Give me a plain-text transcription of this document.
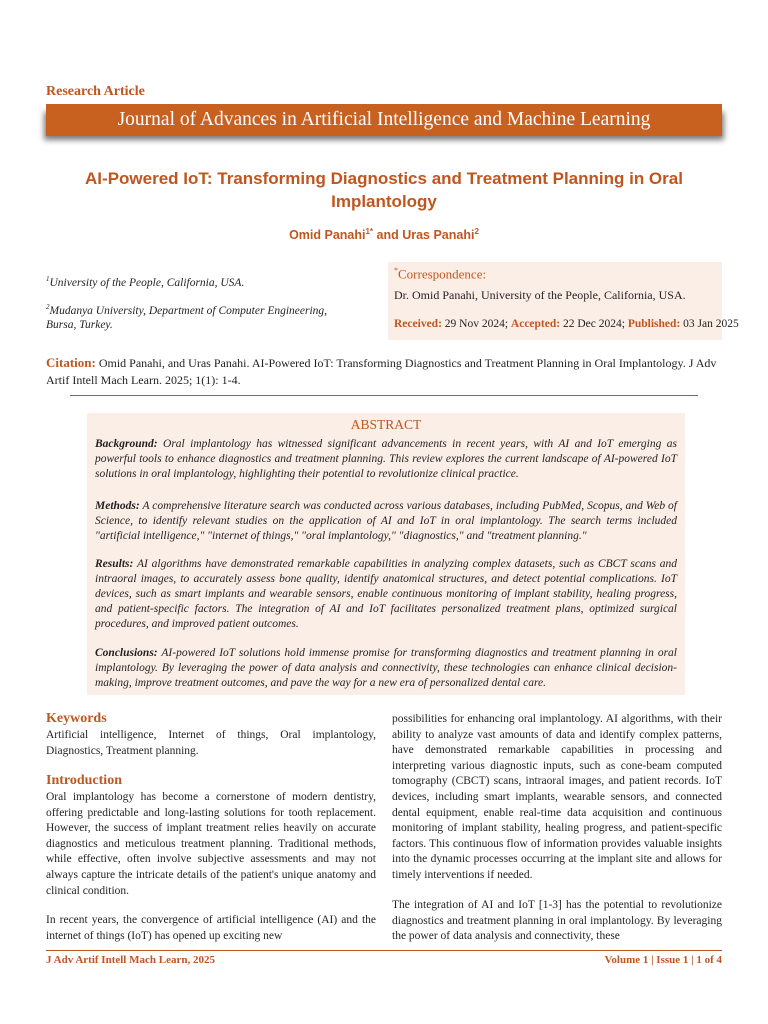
Research Article
Journal of Advances in Artificial Intelligence and Machine Learning
AI-Powered IoT: Transforming Diagnostics and Treatment Planning in Oral Implantology
Omid Panahi$^{1*}$ and Uras Panahi$^2$
$^1$University of the People, California, USA.
$^2$Mudanya University, Department of Computer Engineering, Bursa, Turkey.
*Correspondence:
Dr. Omid Panahi, University of the People, California, USA.
Received: 29 Nov 2024; Accepted: 22 Dec 2024; Published: 03 Jan 2025
Citation: Omid Panahi, and Uras Panahi. AI-Powered IoT: Transforming Diagnostics and Treatment Planning in Oral Implantology. J Adv Artif Intell Mach Learn. 2025; 1(1): 1-4.
ABSTRACT
Background: Oral implantology has witnessed significant advancements in recent years, with AI and IoT emerging as powerful tools to enhance diagnostics and treatment planning. This review explores the current landscape of AI-powered IoT solutions in oral implantology, highlighting their potential to revolutionize clinical practice.
Methods: A comprehensive literature search was conducted across various databases, including PubMed, Scopus, and Web of Science, to identify relevant studies on the application of AI and IoT in oral implantology. The search terms included "artificial intelligence," "internet of things," "oral implantology," "diagnostics," and "treatment planning."
Results: AI algorithms have demonstrated remarkable capabilities in analyzing complex datasets, such as CBCT scans and intraoral images, to accurately assess bone quality, identify anatomical structures, and detect potential complications. IoT devices, such as smart implants and wearable sensors, enable continuous monitoring of implant stability, healing progress, and patient-specific factors. The integration of AI and IoT facilitates personalized treatment plans, optimized surgical procedures, and improved patient outcomes.
Conclusions: AI-powered IoT solutions hold immense promise for transforming diagnostics and treatment planning in oral implantology. By leveraging the power of data analysis and connectivity, these technologies can enhance clinical decision-making, improve treatment outcomes, and pave the way for a new era of personalized dental care.
Keywords
Artificial intelligence, Internet of things, Oral implantology, Diagnostics, Treatment planning.
Introduction
Oral implantology has become a cornerstone of modern dentistry, offering predictable and long-lasting solutions for tooth replacement. However, the success of implant treatment relies heavily on accurate diagnostics and meticulous treatment planning. Traditional methods, while effective, often involve subjective assessments and may not always capture the intricate details of the patient's unique anatomy and clinical condition.
In recent years, the convergence of artificial intelligence (AI) and the internet of things (IoT) has opened up exciting new
possibilities for enhancing oral implantology. AI algorithms, with their ability to analyze vast amounts of data and identify complex patterns, have demonstrated remarkable capabilities in processing and interpreting various diagnostic inputs, such as cone-beam computed tomography (CBCT) scans, intraoral images, and patient records. IoT devices, including smart implants, wearable sensors, and connected dental equipment, enable real-time data acquisition and continuous monitoring of implant stability, healing progress, and patient-specific factors. This continuous flow of information provides valuable insights into the dynamic processes occurring at the implant site and allows for timely interventions if needed.
The integration of AI and IoT [1-3] has the potential to revolutionize diagnostics and treatment planning in oral implantology. By leveraging the power of data analysis and connectivity, these
J Adv Artif Intell Mach Learn, 2025	Volume 1 | Issue 1 | 1 of 4
